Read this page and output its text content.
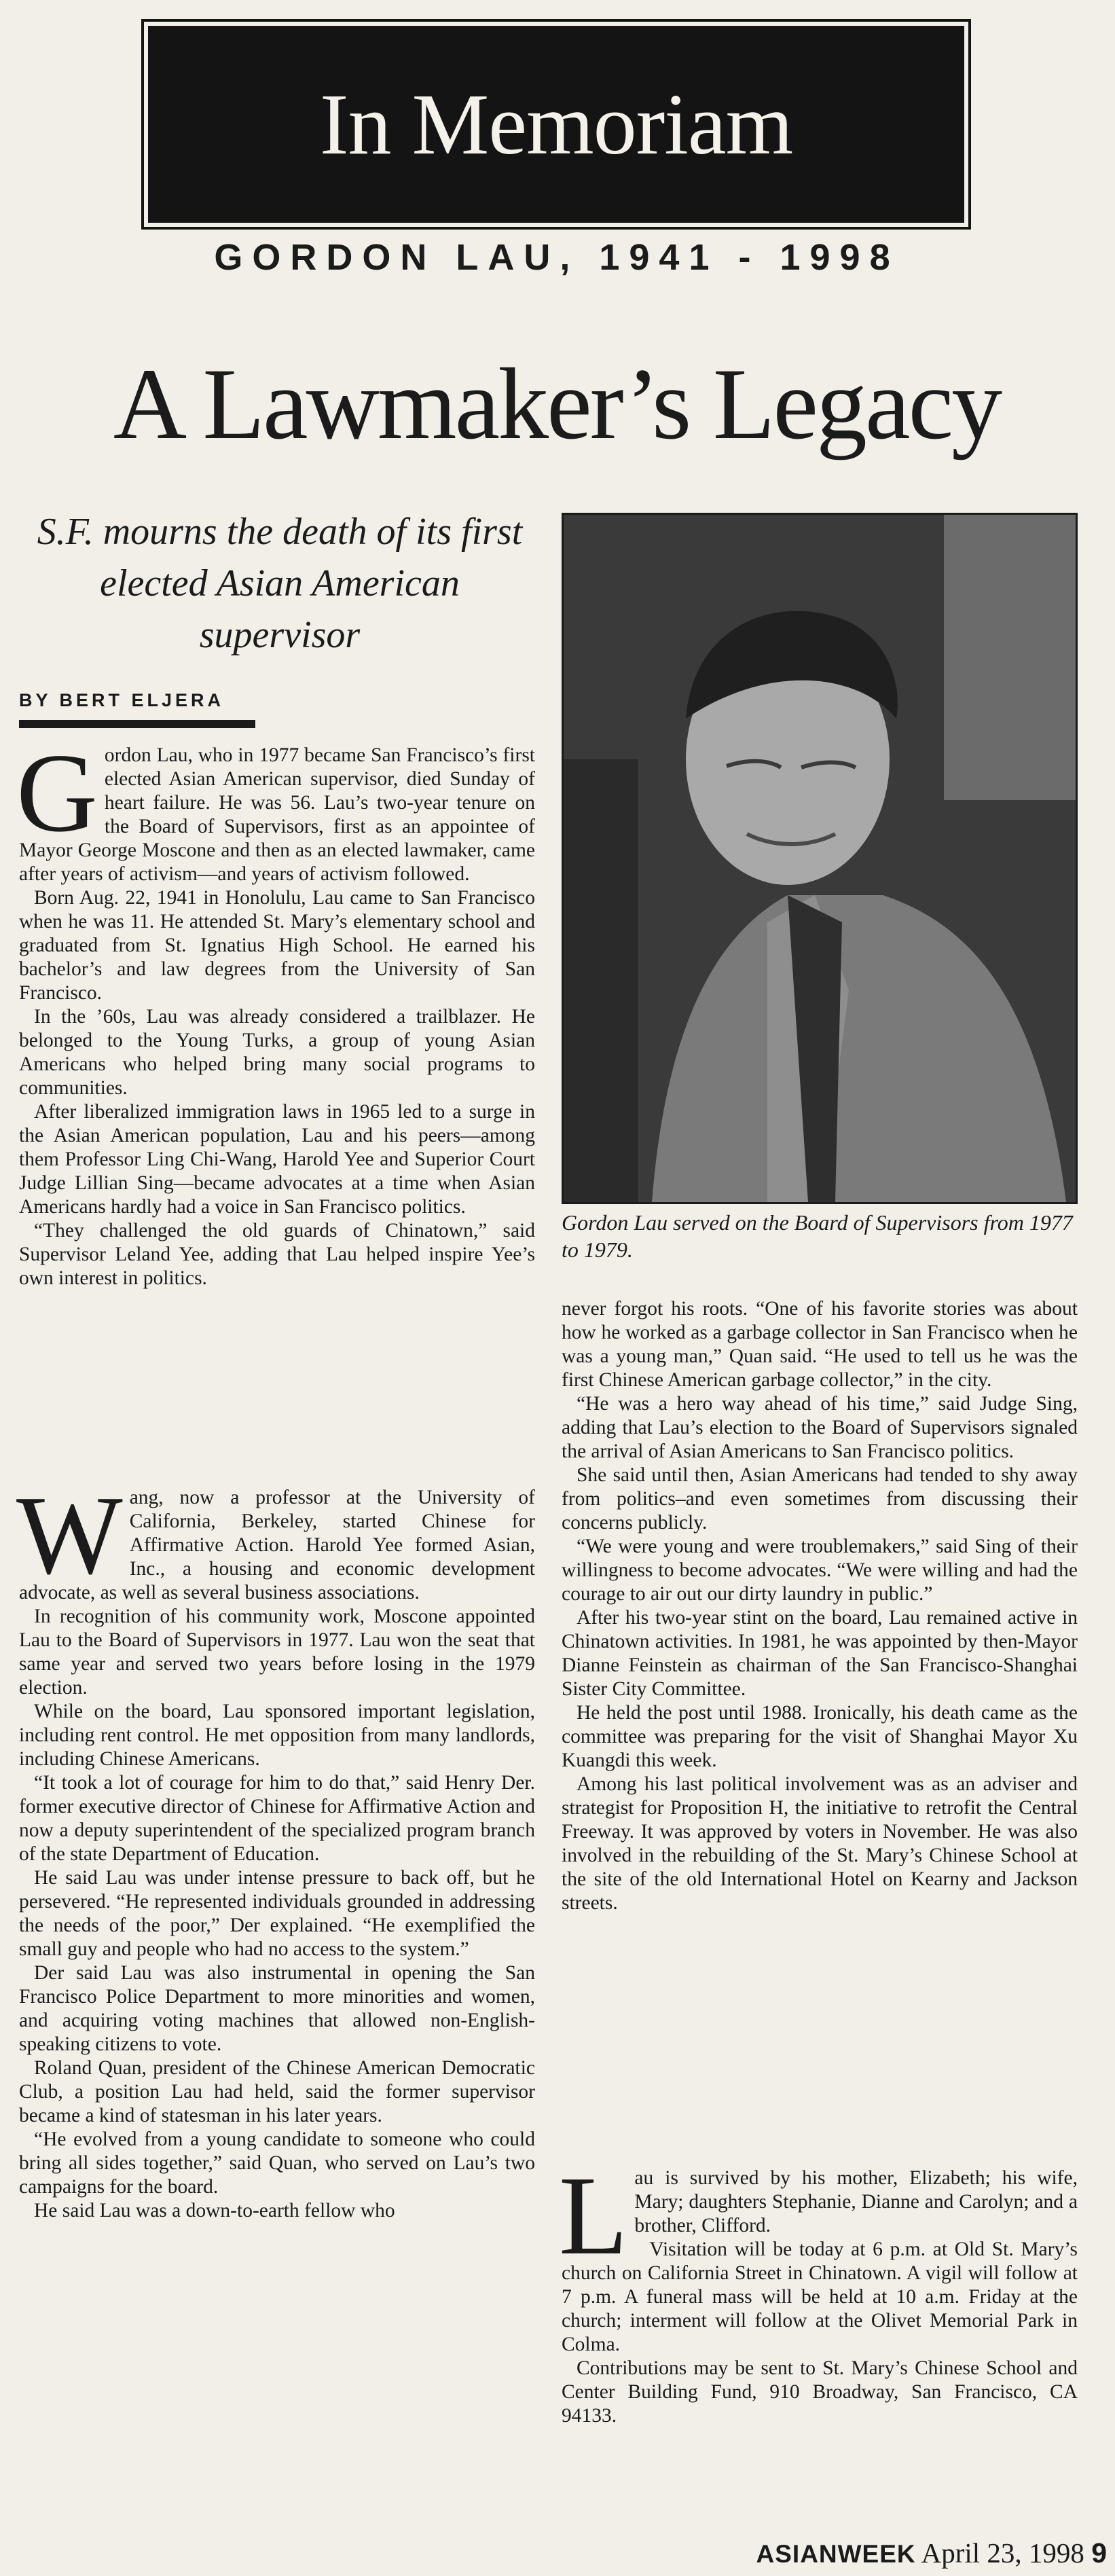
In Memoriam
GORDON LAU, 1941 - 1998
A Lawmaker’s Legacy
S.F. mourns the death of its first elected Asian American supervisor
BY BERT ELJERA
Gordon Lau served on the Board of Supervisors from 1977 to 1979.
G ordon Lau, who in 1977 became San Francisco’s first elected Asian American supervisor, died Sunday of heart failure. He was 56. Lau’s two-year tenure on the Board of Supervisors, first as an appointee of Mayor George Moscone and then as an elected lawmaker, came after years of activism—and years of activism followed.

Born Aug. 22, 1941 in Honolulu, Lau came to San Francisco when he was 11. He attended St. Mary’s elementary school and graduated from St. Ignatius High School. He earned his bachelor’s and law degrees from the University of San Francisco.

In the ’60s, Lau was already considered a trailblazer. He belonged to the Young Turks, a group of young Asian Americans who helped bring many social programs to communities.

After liberalized immigration laws in 1965 led to a surge in the Asian American population, Lau and his peers—among them Professor Ling Chi-Wang, Harold Yee and Superior Court Judge Lillian Sing—became advocates at a time when Asian Americans hardly had a voice in San Francisco politics.

“They challenged the old guards of Chinatown,” said Supervisor Leland Yee, adding that Lau helped inspire Yee’s own interest in politics.

W ang, now a professor at the University of California, Berkeley, started Chinese for Affirmative Action. Harold Yee formed Asian, Inc., a housing and economic development advocate, as well as several business associations.

In recognition of his community work, Moscone appointed Lau to the Board of Supervisors in 1977. Lau won the seat that same year and served two years before losing in the 1979 election.

While on the board, Lau sponsored important legislation, including rent control. He met opposition from many landlords, including Chinese Americans.

“It took a lot of courage for him to do that,” said Henry Der. former executive director of Chinese for Affirmative Action and now a deputy superintendent of the specialized program branch of the state Department of Education.

He said Lau was under intense pressure to back off, but he persevered. “He represented individuals grounded in addressing the needs of the poor,” Der explained. “He exemplified the small guy and people who had no access to the system.”

Der said Lau was also instrumental in opening the San Francisco Police Department to more minorities and women, and acquiring voting machines that allowed non-English-speaking citizens to vote.

Roland Quan, president of the Chinese American Democratic Club, a position Lau had held, said the former supervisor became a kind of statesman in his later years.

“He evolved from a young candidate to someone who could bring all sides together,” said Quan, who served on Lau’s two campaigns for the board.

He said Lau was a down-to-earth fellow who

never forgot his roots. “One of his favorite stories was about how he worked as a garbage collector in San Francisco when he was a young man,” Quan said. “He used to tell us he was the first Chinese American garbage collector,” in the city.

“He was a hero way ahead of his time,” said Judge Sing, adding that Lau’s election to the Board of Supervisors signaled the arrival of Asian Americans to San Francisco politics.

She said until then, Asian Americans had tended to shy away from politics–and even sometimes from discussing their concerns publicly.

“We were young and were troublemakers,” said Sing of their willingness to become advocates. “We were willing and had the courage to air out our dirty laundry in public.”

After his two-year stint on the board, Lau remained active in Chinatown activities. In 1981, he was appointed by then-Mayor Dianne Feinstein as chairman of the San Francisco-Shanghai Sister City Committee.

He held the post until 1988. Ironically, his death came as the committee was preparing for the visit of Shanghai Mayor Xu Kuangdi this week.

Among his last political involvement was as an adviser and strategist for Proposition H, the initiative to retrofit the Central Freeway. It was approved by voters in November. He was also involved in the rebuilding of the St. Mary’s Chinese School at the site of the old International Hotel on Kearny and Jackson streets.

L au is survived by his mother, Elizabeth; his wife, Mary; daughters Stephanie, Dianne and Carolyn; and a brother, Clifford.

Visitation will be today at 6 p.m. at Old St. Mary’s church on California Street in Chinatown. A vigil will follow at 7 p.m. A funeral mass will be held at 10 a.m. Friday at the church; interment will follow at the Olivet Memorial Park in Colma.

Contributions may be sent to St. Mary’s Chinese School and Center Building Fund, 910 Broadway, San Francisco, CA 94133.

ASIANWEEK April 23, 1998 9
